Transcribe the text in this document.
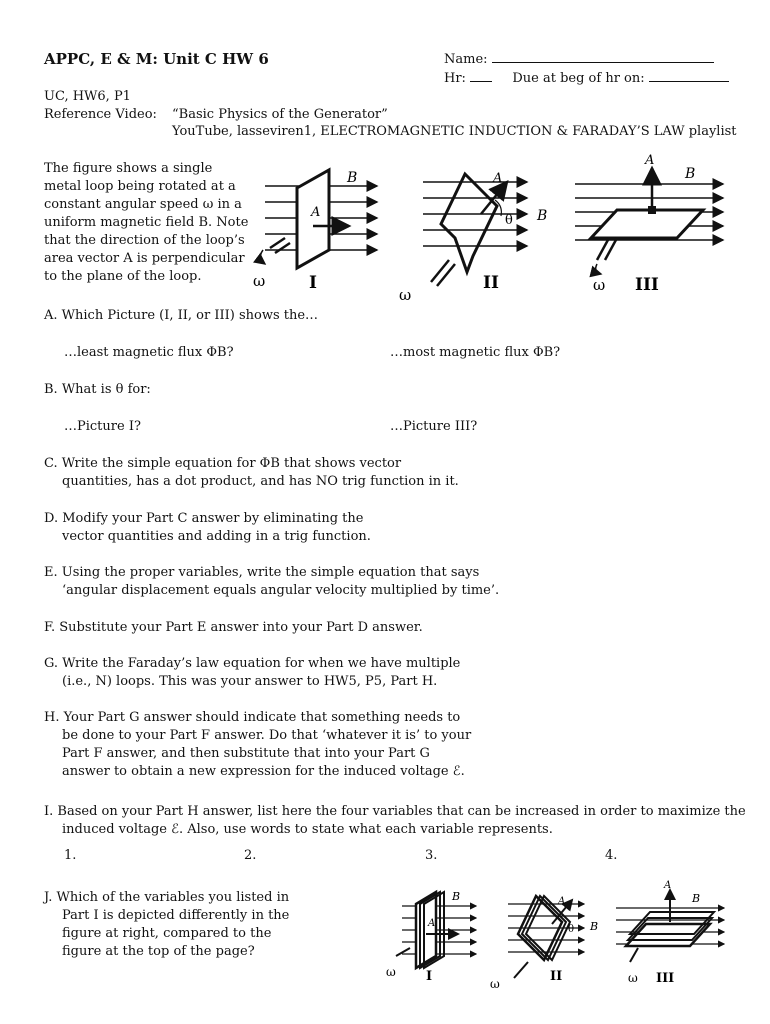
APPC, E & M: Unit C HW 6	Name:
Hr:	Due at beg of hr on:
UC, HW6, P1
Reference Video: “Basic Physics of the Generator”
YouTube, lasseviren1, ELECTROMAGNETIC INDUCTION & FARADAY’S LAW playlist
The figure shows a single
metal loop being rotated at a
constant angular speed ω in a
uniform magnetic field B. Note
that the direction of the loop’s
area vector A is perpendicular
to the plane of the loop.
B
A
ω	I
A
θ B
ω
II
A
B
ω III
A. Which Picture (I, II, or III) shows the…
…least magnetic flux ΦB?	…most magnetic flux ΦB?
B. What is θ for:
…Picture I?	…Picture III?
C. Write the simple equation for ΦB that shows vector
quantities, has a dot product, and has NO trig function in it.
D. Modify your Part C answer by eliminating the
vector quantities and adding in a trig function.
E. Using the proper variables, write the simple equation that says
‘angular displacement equals angular velocity multiplied by time’.
F. Substitute your Part E answer into your Part D answer.
G. Write the Faraday’s law equation for when we have multiple
(i.e., N) loops. This was your answer to HW5, P5, Part H.
H. Your Part G answer should indicate that something needs to
be done to your Part F answer. Do that ‘whatever it is’ to your
Part F answer, and then substitute that into your Part G
answer to obtain a new expression for the induced voltage ℰ.
I. Based on your Part H answer, list here the four variables that can be increased in order to maximize the
induced voltage ℰ. Also, use words to state what each variable represents.
1.	2.	3.	4.
J. Which of the variables you listed in
Part I is depicted differently in the
figure at right, compared to the
figure at the top of the page?
B
A
ω I
A
θ B
ω	II
A
B
ω III
